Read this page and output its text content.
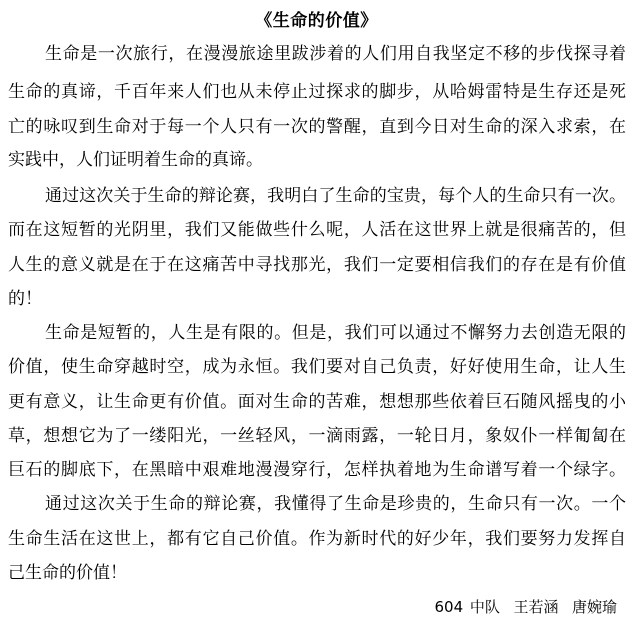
《生命的价值》
生命是一次旅行，在漫漫旅途里跋涉着的人们用自我坚定不移的步伐探寻着
生命的真谛，千百年来人们也从未停止过探求的脚步，从哈姆雷特是生存还是死
亡的咏叹到生命对于每一个人只有一次的警醒，直到今日对生命的深入求索，在
实践中，人们证明着生命的真谛。
通过这次关于生命的辩论赛，我明白了生命的宝贵，每个人的生命只有一次。
而在这短暂的光阴里，我们又能做些什么呢，人活在这世界上就是很痛苦的，但
人生的意义就是在于在这痛苦中寻找那光，我们一定要相信我们的存在是有价值
的！
生命是短暂的，人生是有限的。但是，我们可以通过不懈努力去创造无限的
价值，使生命穿越时空，成为永恒。我们要对自己负责，好好使用生命，让人生
更有意义，让生命更有价值。面对生命的苦难，想想那些依着巨石随风摇曳的小
草，想想它为了一缕阳光，一丝轻风，一滴雨露，一轮日月，象奴仆一样匍匐在
巨石的脚底下，在黑暗中艰难地漫漫穿行，怎样执着地为生命谱写着一个绿字。
通过这次关于生命的辩论赛，我懂得了生命是珍贵的，生命只有一次。一个
生命生活在这世上，都有它自己价值。作为新时代的好少年，我们要努力发挥自
己生命的价值！
604 中队  王若涵  唐婉瑜
